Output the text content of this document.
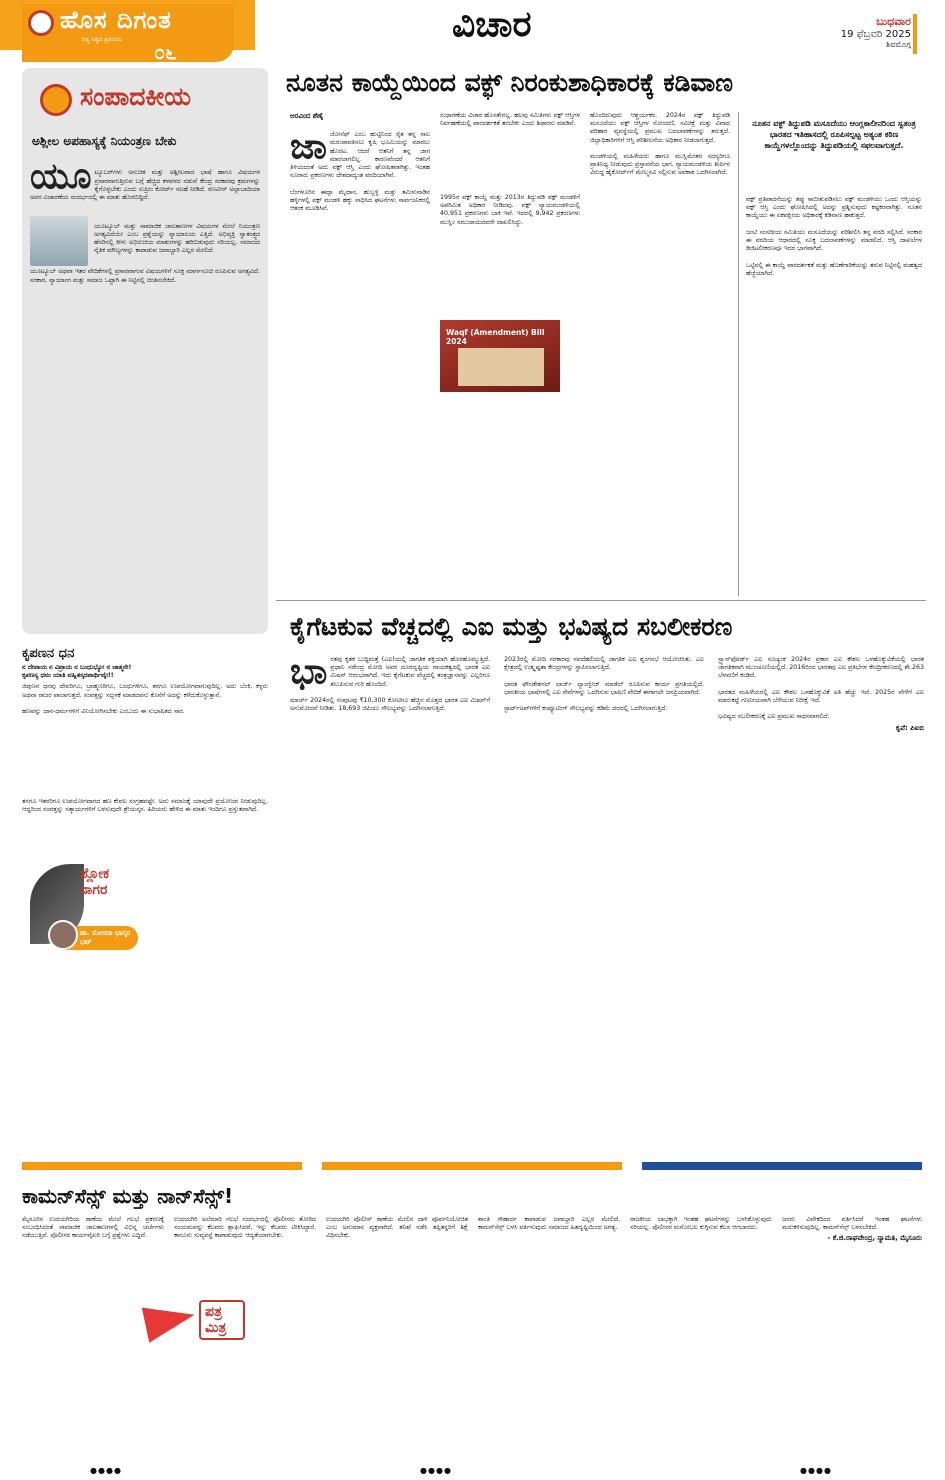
ಹೊಸ ದಿಗಂತ
ನಿತ್ಯ ಸತ್ಯದ ಪ್ರತಿಬಿಂಬ
೦೬
ವಿಚಾರ	ಬುಧವಾರ
19 ಫೆಬ್ರವರಿ 2025
ಶಿವಮೊಗ್ಗ
ಸಂಪಾದಕೀಯ
ಅಶ್ಲೀಲ ಅಪಹಾಸ್ಯಕ್ಕೆ ನಿಯಂತ್ರಣ ಬೇಕು

ಯೂ ಟ್ಯೂಬರ್‌ಗಳು ಅನುಚಿತ ಮತ್ತು ಅಶ್ಲೀಲವಾದ ಭಾಷೆ ಹಾಗೂ ವಿಷಯಗಳ ಪ್ರಸಾರವಾಗುತ್ತಿರುವ ಬಗ್ಗೆ ಹೆಚ್ಚಿದ ಕಳವಳದ ನಡುವೆ ಕೇಂದ್ರ ಸರಕಾರವು ಕ್ರಮಗಳನ್ನು ಕೈಗೊಳ್ಳಬೇಕು ಎಂದು ಸುಪ್ರೀಂ ಕೋರ್ಟ್ ಸಲಹೆ ನೀಡಿದೆ. ರಣವೀರ್ ಅಲ್ಲಾಬಾದಿಯಾ ಅವರ ವಿಚಾರಣೆಯ ಸಂದರ್ಭದಲ್ಲಿ ಈ ಮಾತು ಹೊರಬಿದ್ದಿದೆ.

ಯೂಟ್ಯೂಬ್ ಮತ್ತು ಸಾಮಾಜಿಕ ಜಾಲತಾಣಗಳ ವಿಷಯಗಳ ಮೇಲೆ ನಿಯಂತ್ರಣ ಅಗತ್ಯವಿದೆಯೇ ಎಂಬ ಪ್ರಶ್ನೆಯನ್ನು ನ್ಯಾಯಾಲಯ ಎತ್ತಿದೆ. ಅಭಿವ್ಯಕ್ತಿ ಸ್ವಾತಂತ್ರ್ಯದ ಹೆಸರಿನಲ್ಲಿ ಕೀಳು ಅಭಿರುಚಿಯ ಮಾತುಗಳನ್ನು ಹರಿಬಿಡುವುದು ಸರಿಯಲ್ಲ. ಸಮಾಜದ ನೈತಿಕ ಮೌಲ್ಯಗಳನ್ನು ಕಾಪಾಡುವ ಜವಾಬ್ದಾರಿ ಎಲ್ಲರ ಮೇಲಿದೆ.

ಯೂಟ್ಯೂಬ್ ಅಥವಾ ಇತರ ವೇದಿಕೆಗಳಲ್ಲಿ ಪ್ರಸಾರವಾಗುವ ವಿಷಯಗಳಿಗೆ ಸೂಕ್ತ ಮಾರ್ಗಸೂಚಿ ರೂಪಿಸುವ ಅಗತ್ಯವಿದೆ. ಸರಕಾರ, ನ್ಯಾಯಾಂಗ ಮತ್ತು ಸಮಾಜ ಒಟ್ಟಾಗಿ ಈ ನಿಟ್ಟಿನಲ್ಲಿ ಚಿಂತಿಸಬೇಕಿದೆ.
ನೂತನ ಕಾಯ್ದೆಯಿಂದ ವಕ್ಫ್ ನಿರಂಕುಶಾಧಿಕಾರಕ್ಕೆ ಕಡಿವಾಣ
ಅರವಿಂದ ಶೆಣೈ

ಜಾಜೋಸೆಫ್ ಎಂಬ ಹುಟ್ಟಿನಿಂದ ರೈತ ತನ್ನ ಸಾಲ ಮರುಪಾವತಿಸಲು ಕೃಷಿ ಭೂಮಿಯನ್ನು ಮಾರಲು ಹೊರಟ. ಆದರೆ ಆತನಿಗೆ ತನ್ನ ಜಾಗ ಮಾರಲಾಗಲಿಲ್ಲ. ಕಾರಣವೆಂದರೆ ಆತನಿಗೆ ತಿಳಿಯದಂತೆ ಅದು ವಕ್ಫ್ ಆಸ್ತಿ ಎಂದು ಘೋಷಿತವಾಗಿತ್ತು. ಇಂತಹ ನೂರಾರು ಪ್ರಕರಣಗಳು ದೇಶದಾದ್ಯಂತ ವರದಿಯಾಗಿವೆ.

ಬೆಂಗಳೂರಿನ ಈದ್ಗಾ ಮೈದಾನ, ಹುಬ್ಬಳ್ಳಿ ಮತ್ತು ತಮಿಳುನಾಡಿನ ಹಳ್ಳಿಗಳಲ್ಲಿ ವಕ್ಫ್ ಮಂಡಳಿ ಹಕ್ಕು ಸಾಧಿಸಿದ ಘಟನೆಗಳು ಸಾರ್ವಜನಿಕರಲ್ಲಿ ಆತಂಕ ಮೂಡಿಸಿವೆ.

ಸುಧಾರಣೆಯ ವಿಚಾರ ಹೊಸತೇನಲ್ಲ. ಹಲವು ಸಮಿತಿಗಳು ವಕ್ಫ್ ಆಸ್ತಿಗಳ ನಿರ್ವಹಣೆಯಲ್ಲಿ ಪಾರದರ್ಶಕತೆ ತರಬೇಕು ಎಂದು ಶಿಫಾರಸು ಮಾಡಿವೆ.

1995ರ ವಕ್ಫ್ ಕಾಯ್ದೆ ಮತ್ತು 2013ರ ತಿದ್ದುಪಡಿ ವಕ್ಫ್ ಮಂಡಳಿಗೆ ಅಪರಿಮಿತ ಅಧಿಕಾರ ನೀಡಿದವು. ವಕ್ಫ್ ನ್ಯಾಯಮಂಡಳಿಯಲ್ಲಿ 40,951 ಪ್ರಕರಣಗಳು ಬಾಕಿ ಇವೆ. ಇದರಲ್ಲಿ 9,942 ಪ್ರಕರಣಗಳು ಮುಸ್ಲಿಂ ಸಮುದಾಯದವರೇ ದಾಖಲಿಸಿದ್ದು.
Waqf (Amendment) Bill 2024
ಹೊಂದಿರುವುದು ಆಶ್ಚರ್ಯಕರ. 2024ರ ವಕ್ಫ್ ತಿದ್ದುಪಡಿ ಮಸೂದೆಯು ವಕ್ಫ್ ಆಸ್ತಿಗಳ ನೋಂದಣಿ, ಸಮೀಕ್ಷೆ ಮತ್ತು ವಿವಾದ ಪರಿಹಾರ ವ್ಯವಸ್ಥೆಯಲ್ಲಿ ಪ್ರಮುಖ ಬದಲಾವಣೆಗಳನ್ನು ತರುತ್ತದೆ. ಜಿಲ್ಲಾಧಿಕಾರಿಗಳಿಗೆ ಆಸ್ತಿ ಪರಿಶೀಲನೆಯ ಅಧಿಕಾರ ನೀಡಲಾಗುತ್ತದೆ.

ಮಂಡಳಿಯಲ್ಲಿ ಮಹಿಳೆಯರು ಹಾಗೂ ಮುಸ್ಲಿಮೇತರ ಸದಸ್ಯರಿಗೂ ಪ್ರಾತಿನಿಧ್ಯ ನೀಡುವುದು ಪ್ರಸ್ತಾವನೆಯ ಭಾಗ. ನ್ಯಾಯಮಂಡಳಿಯ ತೀರ್ಪಿನ ವಿರುದ್ಧ ಹೈಕೋರ್ಟ್‌ಗೆ ಮೇಲ್ಮನವಿ ಸಲ್ಲಿಸುವ ಅವಕಾಶ ಒದಗಿಸಲಾಗಿದೆ.
ನೂತನ ವಕ್ಫ್ ತಿದ್ದುಪಡಿ ಮಸೂದೆಯು ಆಂಗ್ಲಕಾಲೀನರಿಂದ ಸ್ವತಂತ್ರ ಭಾರತದ ಇತಿಹಾಸದಲ್ಲಿ ರೂಪಿಸಲ್ಪಟ್ಟ ಅತ್ಯಂತ ಕಠಿಣ ಕಾಯ್ದೆಗಳಲ್ಲೊಂದನ್ನು ತಿದ್ದುಪಡಿಯಲ್ಲಿ ಸಫಲವಾಗುತ್ತದೆ.
ವಕ್ಫ್ ಪ್ರತಿಪಾದನೆಯನ್ನು ತಪ್ಪು ಸಾಬೀತುಪಡಿಸಲು ವಕ್ಫ್ ಮಂಡಳಿಯು ಒಂದು ಆಸ್ತಿಯನ್ನು ವಕ್ಫ್ ಆಸ್ತಿ ಎಂದು ಘೋಷಿಸಿದಲ್ಲಿ ಅದನ್ನು ಪ್ರಶ್ನಿಸುವುದು ಕಷ್ಟಕರವಾಗಿತ್ತು. ನೂತನ ಕಾಯ್ದೆಯು ಈ ಏಕಪಕ್ಷೀಯ ಅಧಿಕಾರಕ್ಕೆ ಕಡಿವಾಣ ಹಾಕುತ್ತದೆ.

ಜಂಟಿ ಸಂಸದೀಯ ಸಮಿತಿಯು ಮಸೂದೆಯನ್ನು ಪರಿಶೀಲಿಸಿ ತನ್ನ ವರದಿ ಸಲ್ಲಿಸಿದೆ. ಸರಕಾರ ಈ ವರದಿಯ ಆಧಾರದಲ್ಲಿ ಸೂಕ್ತ ಬದಲಾವಣೆಗಳನ್ನು ಮಾಡಲಿದೆ. ಆಸ್ತಿ ದಾಖಲೆಗಳ ಡಿಜಿಟಲೀಕರಣವೂ ಇದರ ಭಾಗವಾಗಿದೆ.

ಒಟ್ಟಿನಲ್ಲಿ ಈ ಕಾಯ್ದೆ ಪಾರದರ್ಶಕತೆ ಮತ್ತು ಹೊಣೆಗಾರಿಕೆಯನ್ನು ತರುವ ನಿಟ್ಟಿನಲ್ಲಿ ಮಹತ್ವದ ಹೆಜ್ಜೆಯಾಗಿದೆ.
ಕೈಗೆಟಕುವ ವೆಚ್ಚದಲ್ಲಿ ಎಐ ಮತ್ತು ಭವಿಷ್ಯದ ಸಬಲೀಕರಣ
ಭಾರತವು ಕೃತಕ ಬುದ್ಧಿಮತ್ತೆ (ಎಐ)ಯಲ್ಲಿ ಜಾಗತಿಕ ಶಕ್ತಿಯಾಗಿ ಹೊರಹೊಮ್ಮುತ್ತಿದೆ. ಪ್ರಧಾನಿ ನರೇಂದ್ರ ಮೋದಿ ಅವರ ದೂರದೃಷ್ಟಿಯ ನಾಯಕತ್ವದಲ್ಲಿ ಭಾರತ ಎಐ ಮಿಷನ್ ಆರಂಭವಾಗಿದೆ. ಇದು ಕೈಗೆಟಕುವ ವೆಚ್ಚದಲ್ಲಿ ತಂತ್ರಜ್ಞಾನವನ್ನು ಎಲ್ಲರಿಗೂ ತಲುಪಿಸುವ ಗುರಿ ಹೊಂದಿದೆ.

ಮಾರ್ಚ್ 2024ರಲ್ಲಿ ಸಂಪುಟವು ₹10,300 ಕೋಟಿಗೂ ಹೆಚ್ಚಿನ ಮೊತ್ತದ ಭಾರತ ಎಐ ಮಿಷನ್‌ಗೆ ಅನುಮೋದನೆ ನೀಡಿತು. 18,693 ಜಿಪಿಯು ಸೌಲಭ್ಯವನ್ನು ಒದಗಿಸಲಾಗುತ್ತಿದೆ.
2023ರಲ್ಲಿ ಮೋದಿ ಸರಕಾರವು ನವದೆಹಲಿಯಲ್ಲಿ ಜಾಗತಿಕ ಎಐ ಶೃಂಗಸಭೆ ಆಯೋಜಿಸಿತು. ಎಐ ಕ್ಷೇತ್ರದಲ್ಲಿ ಉತ್ಕೃಷ್ಟತಾ ಕೇಂದ್ರಗಳನ್ನು ಸ್ಥಾಪಿಸಲಾಗುತ್ತಿದೆ.

ಭಾರತ ಫೌಂಡೇಶನಲ್ ಲಾರ್ಜ್ ಲ್ಯಾಂಗ್ವೇಜ್ ಮಾಡೆಲ್ ರೂಪಿಸುವ ಕಾರ್ಯ ಪ್ರಗತಿಯಲ್ಲಿದೆ. ಭಾರತೀಯ ಭಾಷೆಗಳಲ್ಲಿ ಎಐ ಸೇವೆಗಳನ್ನು ಒದಗಿಸುವ ಭಾಷಿಣಿ ವೇದಿಕೆ ಈಗಾಗಲೇ ಜನಪ್ರಿಯವಾಗಿದೆ.

ಸ್ಟಾರ್ಟ್‌ಅಪ್‌ಗಳಿಗೆ ಕಂಪ್ಯೂಟಿಂಗ್ ಸೌಲಭ್ಯವನ್ನು ಕಡಿಮೆ ದರದಲ್ಲಿ ಒದಗಿಸಲಾಗುತ್ತಿದೆ.
ಸ್ಟ್ಯಾನ್‌ಫೋರ್ಡ್ ಎಐ ಸೂಚ್ಯಂಕ 2024ರ ಪ್ರಕಾರ ಎಐ ಕೌಶಲ ಒಳಹೊಕ್ಕುವಿಕೆಯಲ್ಲಿ ಭಾರತ ಜಾಗತಿಕವಾಗಿ ಮುಂಚೂಣಿಯಲ್ಲಿದೆ. 2016ರಿಂದ ಭಾರತವು ಎಐ ಪ್ರತಿಭೆಗಳ ಕೇಂದ್ರೀಕರಣದಲ್ಲಿ ಶೇ.263 ಬೆಳವಣಿಗೆ ಕಂಡಿದೆ.

ಭಾರತದ ಮಹಿಳೆಯರಲ್ಲಿ ಎಐ ಕೌಶಲ ಒಳಹೊಕ್ಕುವಿಕೆ ಅತಿ ಹೆಚ್ಚು ಇದೆ. 2025ರ ವೇಳೆಗೆ ಎಐ ಮಾರುಕಟ್ಟೆ ಗಣನೀಯವಾಗಿ ಬೆಳೆಯುವ ನಿರೀಕ್ಷೆ ಇದೆ.

ಭವಿಷ್ಯದ ಸಬಲೀಕರಣಕ್ಕೆ ಎಐ ಪ್ರಮುಖ ಸಾಧನವಾಗಲಿದೆ.
ಕೃಪೆ: ಪಿಐಬಿ
ಕೃಪಣನ ಧನ
ನ ದೇವಾಯ ನ ವಿಪ್ರಾಯ ನ ಬಂಧುಭ್ಯೋ ನ ಚಾತ್ಮನೇ!
ಕೃಪಣಸ್ಯ ಧನಂ ಯಾತಿ ವಹ್ನಿತಸ್ಕರಪಾರ್ಥಿವೈಃ!!
ಜಿಪುಣನ ಧನವು ದೇವರಿಗೂ, ಬ್ರಾಹ್ಮಣರಿಗೂ, ಬಂಧುಗಳಿಗೂ, ತನಗೂ ಉಪಯೋಗವಾಗುವುದಿಲ್ಲ. ಅದು ಬೆಂಕಿ, ಕಳ್ಳರು ಅಥವಾ ರಾಜರ ಪಾಲಾಗುತ್ತದೆ. ಸಂಪತ್ತನ್ನು ಸದ್ಬಳಕೆ ಮಾಡದವನು ಕೊನೆಗೆ ಅದನ್ನು ಕಳೆದುಕೊಳ್ಳುತ್ತಾನೆ.

ಹಣವನ್ನು ದಾನ-ಧರ್ಮಗಳಿಗೆ ವಿನಿಯೋಗಿಸಬೇಕು ಎಂಬುದು ಈ ಸುಭಾಷಿತದ ಸಾರ.

ತನಗೂ ಇತರರಿಗೂ ಉಪಯೋಗವಾಗದ ಹಣ ಕೇವಲ ಸಂಗ್ರಹವಷ್ಟೇ. ಅದು ಸಮಾಜಕ್ಕೆ ಯಾವುದೇ ಪ್ರಯೋಜನ ನೀಡುವುದಿಲ್ಲ. ಆದ್ದರಿಂದ ಸಂಪತ್ತನ್ನು ಸತ್ಕಾರ್ಯಗಳಿಗೆ ಬಳಸುವುದೇ ಶ್ರೇಯಸ್ಕರ. ಹಿರಿಯರು ಹೇಳಿದ ಈ ಮಾತು ಇಂದಿಗೂ ಪ್ರಸ್ತುತವಾಗಿದೆ.
ಶ್ಲೋಕ ಸಾಗರ
ಡಾ. ಸೋಂದಾ ಭಾಸ್ಕರ ಭಟ್
ಕಾಮನ್‌ಸೆನ್ಸ್ ಮತ್ತು ನಾನ್‌ಸೆನ್ಸ್!
ಮೈಸೂರಿನ ಉದಯಗಿರಿಯ ಠಾಣೆಯ ಮೇಲೆ ಗಲಭೆ ಪ್ರಕರಣಕ್ಕೆ ಸಂಬಂಧಿಸಿದಂತೆ ಸಾಮಾಜಿಕ ಜಾಲತಾಣಗಳಲ್ಲಿ ವಿಭಿನ್ನ ಚರ್ಚೆಗಳು ನಡೆಯುತ್ತಿವೆ. ಪೊಲೀಸರ ಕಾರ್ಯವೈಖರಿ ಬಗ್ಗೆ ಪ್ರಶ್ನೆಗಳು ಎದ್ದಿವೆ.
ಉದಯಗಿರಿ ಅಲೆಮಾರಿ ಗಲಭೆ ಸಂದರ್ಭದಲ್ಲಿ ಪೊಲೀಸರು ತೋರಿದ ಸಂಯಮವನ್ನು ಕೆಲವರು ಶ್ಲಾಘಿಸಿದರೆ, ಇನ್ನು ಕೆಲವರು ಟೀಕಿಸಿದ್ದಾರೆ. ಕಾನೂನು ಸುವ್ಯವಸ್ಥೆ ಕಾಪಾಡುವುದು ಆದ್ಯತೆಯಾಗಬೇಕು.
ಉದಯಗಿರಿ ಪೊಲೀಸ್ ಠಾಣೆಯ ಮೇಲಿನ ದಾಳಿ ಪೂರ್ವನಿಯೋಜಿತ ಎಂಬ ಅನುಮಾನ ವ್ಯಕ್ತವಾಗಿದೆ. ತನಿಖೆ ನಡೆಸಿ ತಪ್ಪಿತಸ್ಥರಿಗೆ ಶಿಕ್ಷೆ ವಿಧಿಸಬೇಕು.
ಶಾಂತಿ ಸೌಹಾರ್ದ ಕಾಪಾಡುವ ಜವಾಬ್ದಾರಿ ಎಲ್ಲರ ಮೇಲಿದೆ. ಕಾಮನ್‌ಸೆನ್ಸ್ ಬಳಸಿ ವರ್ತಿಸುವುದು ಸಮಾಜದ ಹಿತದೃಷ್ಟಿಯಿಂದ ಅಗತ್ಯ.
ರಾಜಕೀಯ ಲಾಭಕ್ಕಾಗಿ ಇಂತಹ ಘಟನೆಗಳನ್ನು ಬಳಸಿಕೊಳ್ಳುವುದು ಸರಿಯಲ್ಲ. ಪೊಲೀಸರ ಮನೋಬಲ ಕುಗ್ಗಿಸುವ ಕೆಲಸ ಆಗಬಾರದು.
ಜನರು ವಿವೇಕದಿಂದ ವರ್ತಿಸಿದರೆ ಇಂತಹ ಘಟನೆಗಳು ಮರುಕಳಿಸುವುದಿಲ್ಲ. ಕಾಮನ್‌ಸೆನ್ಸ್ ಬಳಸಬೇಕಿದೆ.
- ಕೆ.ಜಿ.ರಾಘವೇಂದ್ರ, ನ್ಯಾಮತಿ, ಮೈಸೂರು
ಪತ್ರ ಮಿತ್ರ
●●●●	●●●●	●●●●
